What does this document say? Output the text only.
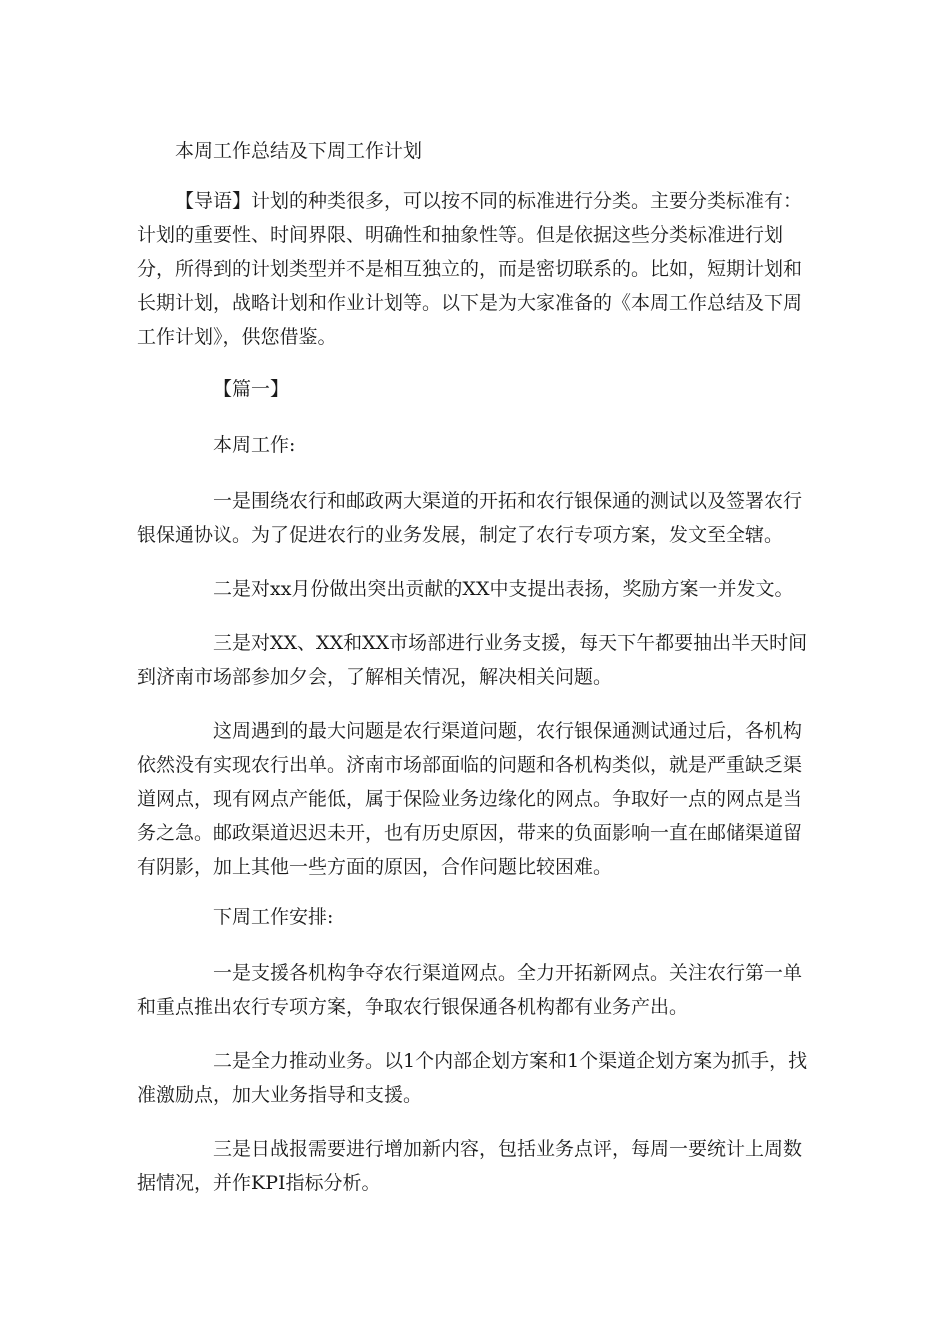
本周工作总结及下周工作计划

【导语】计划的种类很多，可以按不同的标准进行分类。主要分类标准有：计划的重要性、时间界限、明确性和抽象性等。但是依据这些分类标准进行划分，所得到的计划类型并不是相互独立的，而是密切联系的。比如，短期计划和长期计划，战略计划和作业计划等。以下是为大家准备的《本周工作总结及下周工作计划》，供您借鉴。

【篇一】

本周工作:

一是围绕农行和邮政两大渠道的开拓和农行银保通的测试以及签署农行银保通协议。为了促进农行的业务发展，制定了农行专项方案，发文至全辖。

二是对xx月份做出突出贡献的XX中支提出表扬，奖励方案一并发文。

三是对XX、XX和XX市场部进行业务支援，每天下午都要抽出半天时间到济南市场部参加夕会，了解相关情况，解决相关问题。

这周遇到的最大问题是农行渠道问题，农行银保通测试通过后，各机构依然没有实现农行出单。济南市场部面临的问题和各机构类似，就是严重缺乏渠道网点，现有网点产能低，属于保险业务边缘化的网点。争取好一点的网点是当务之急。邮政渠道迟迟未开，也有历史原因，带来的负面影响一直在邮储渠道留有阴影，加上其他一些方面的原因，合作问题比较困难。

下周工作安排:

一是支援各机构争夺农行渠道网点。全力开拓新网点。关注农行第一单和重点推出农行专项方案，争取农行银保通各机构都有业务产出。

二是全力推动业务。以1个内部企划方案和1个渠道企划方案为抓手，找准激励点，加大业务指导和支援。

三是日战报需要进行增加新内容，包括业务点评，每周一要统计上周数据情况，并作KPI指标分析。
